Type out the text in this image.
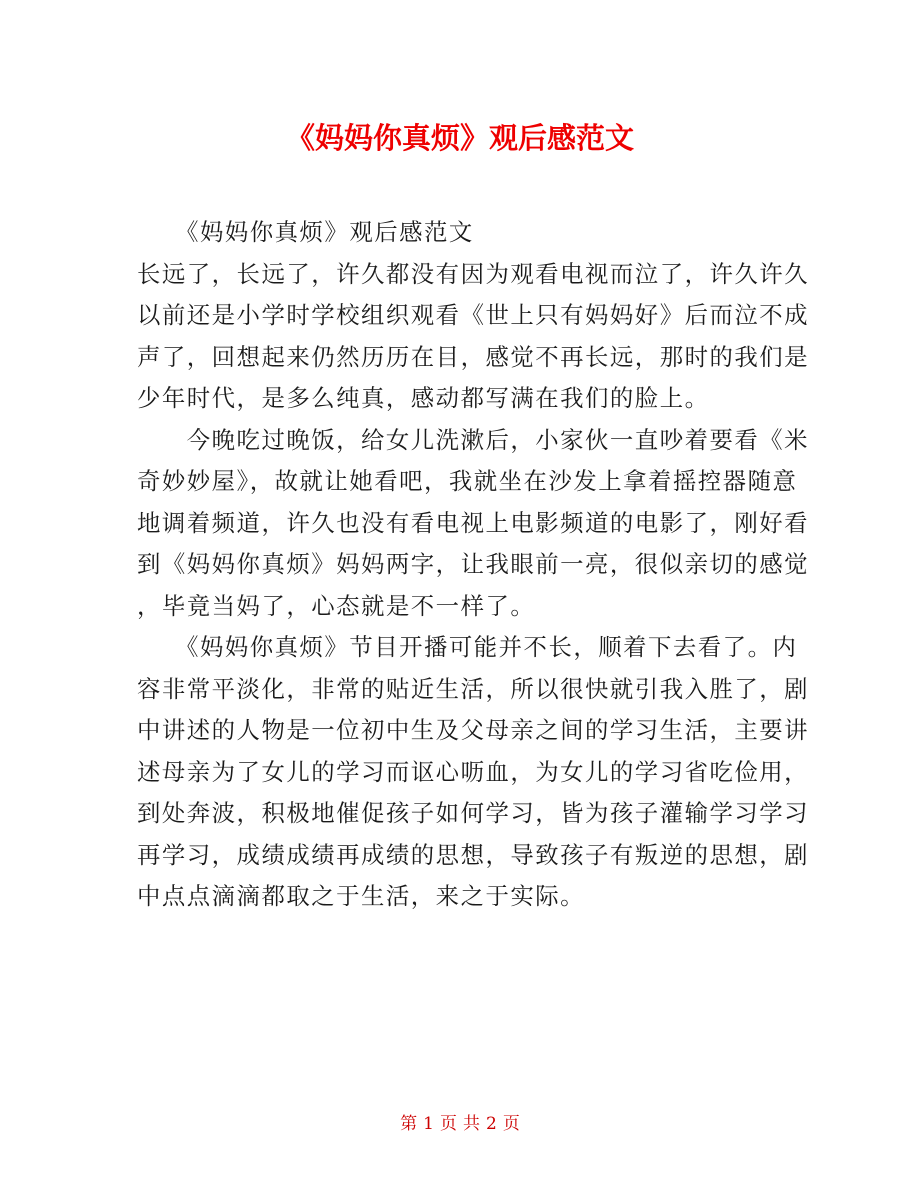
《妈妈你真烦》观后感范文
　　《妈妈你真烦》观后感范文
长远了，长远了，许久都没有因为观看电视而泣了，许久许久
以前还是小学时学校组织观看《世上只有妈妈好》后而泣不成
声了，回想起来仍然历历在目，感觉不再长远，那时的我们是
少年时代，是多么纯真，感动都写满在我们的脸上。
　　今晚吃过晚饭，给女儿洗漱后，小家伙一直吵着要看《米
奇妙妙屋》，故就让她看吧，我就坐在沙发上拿着摇控器随意
地调着频道，许久也没有看电视上电影频道的电影了，刚好看
到《妈妈你真烦》妈妈两字，让我眼前一亮，很似亲切的感觉
，毕竟当妈了，心态就是不一样了。
　　《妈妈你真烦》节目开播可能并不长，顺着下去看了。内
容非常平淡化，非常的贴近生活，所以很快就引我入胜了，剧
中讲述的人物是一位初中生及父母亲之间的学习生活，主要讲
述母亲为了女儿的学习而讴心呖血，为女儿的学习省吃俭用，
到处奔波，积极地催促孩子如何学习，皆为孩子灌输学习学习
再学习，成绩成绩再成绩的思想，导致孩子有叛逆的思想，剧
中点点滴滴都取之于生活，来之于实际。
第 1 页 共 2 页
